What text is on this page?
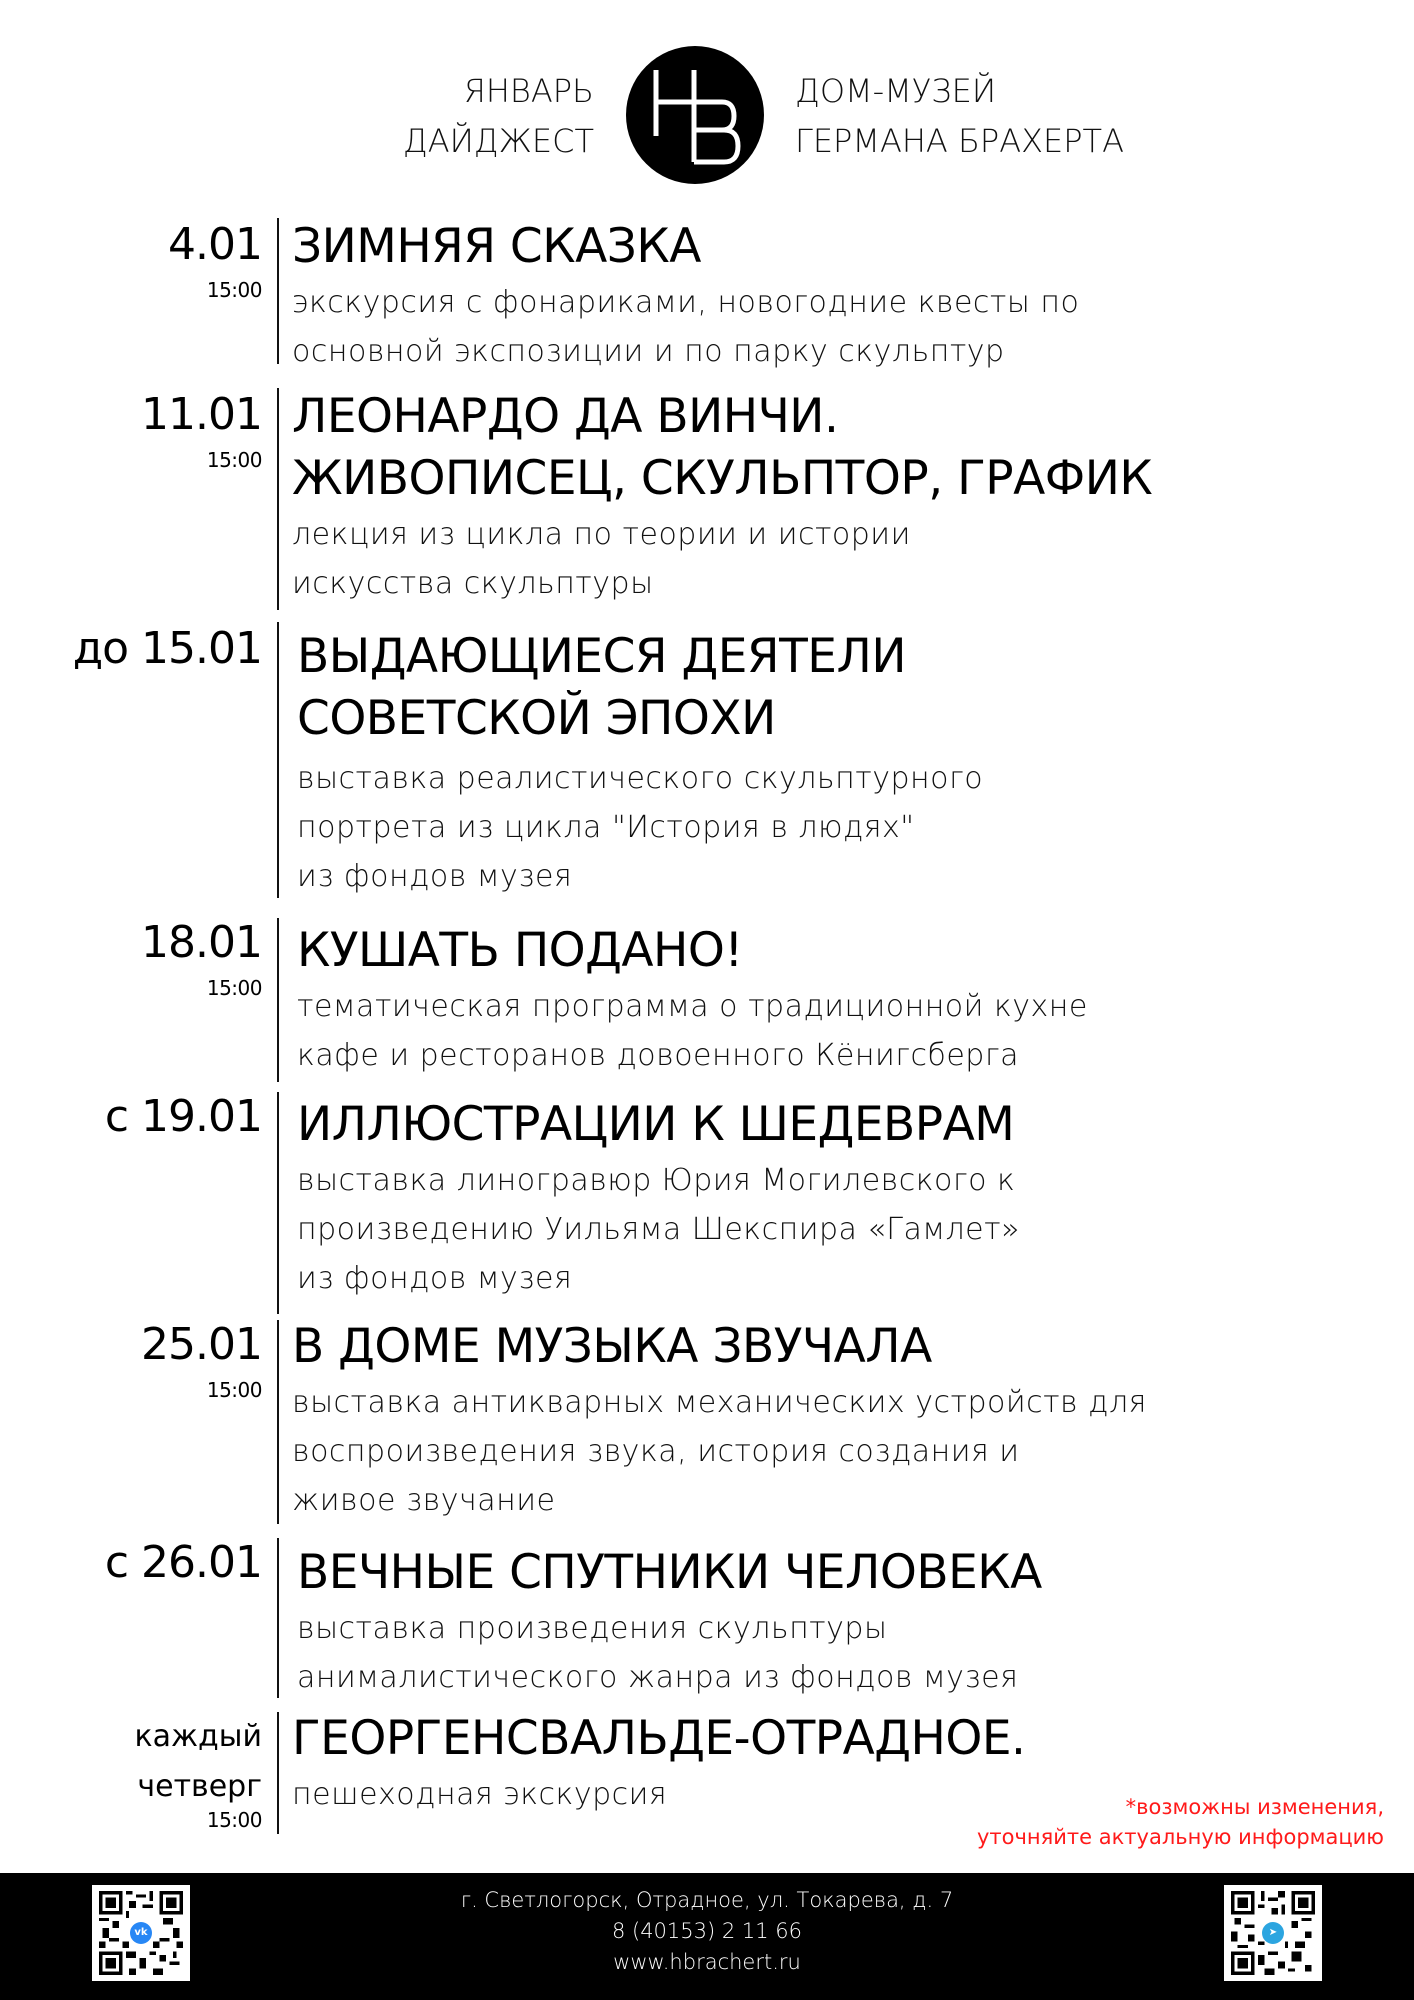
ЯНВАРЬ
ДАЙДЖЕСТ
ДОМ-МУЗЕЙ
ГЕРМАНА БРАХЕРТА
4.01
15:00
ЗИМНЯЯ СКАЗКА
экскурсия с фонариками, новогодние квесты по
основной экспозиции и по парку скульптур
11.01
15:00
ЛЕОНАРДО ДА ВИНЧИ.
ЖИВОПИСЕЦ, СКУЛЬПТОР, ГРАФИК
лекция из цикла по теории и истории
искусства скульптуры
до 15.01 ВЫДАЮЩИЕСЯ ДЕЯТЕЛИ
СОВЕТСКОЙ ЭПОХИ
выставка реалистического скульптурного
портрета из цикла "История в людях"
из фондов музея
18.01
15:00
КУШАТЬ ПОДАНО!
тематическая программа о традиционной кухне
кафе и ресторанов довоенного Кёнигсберга
с 19.01 ИЛЛЮСТРАЦИИ К ШЕДЕВРАМ
выставка линогравюр Юрия Могилевского к
произведению Уильяма Шекспира «Гамлет»
из фондов музея
25.01
15:00
В ДОМЕ МУЗЫКА ЗВУЧАЛА
выставка антикварных механических устройств для
воспроизведения звука, история создания и
живое звучание
с 26.01 ВЕЧНЫЕ СПУТНИКИ ЧЕЛОВЕКА
выставка произведения скульптуры
анималистического жанра из фондов музея
каждый
четверг
15:00
ГЕОРГЕНСВАЛЬДЕ-ОТРАДНОЕ.
пешеходная экскурсия	*возможны изменения,
уточняйте актуальную информацию
vk
г. Светлогорск, Отрадное, ул. Токарева, д. 7
8 (40153) 2 11 66
www.hbrachert.ru
➤
